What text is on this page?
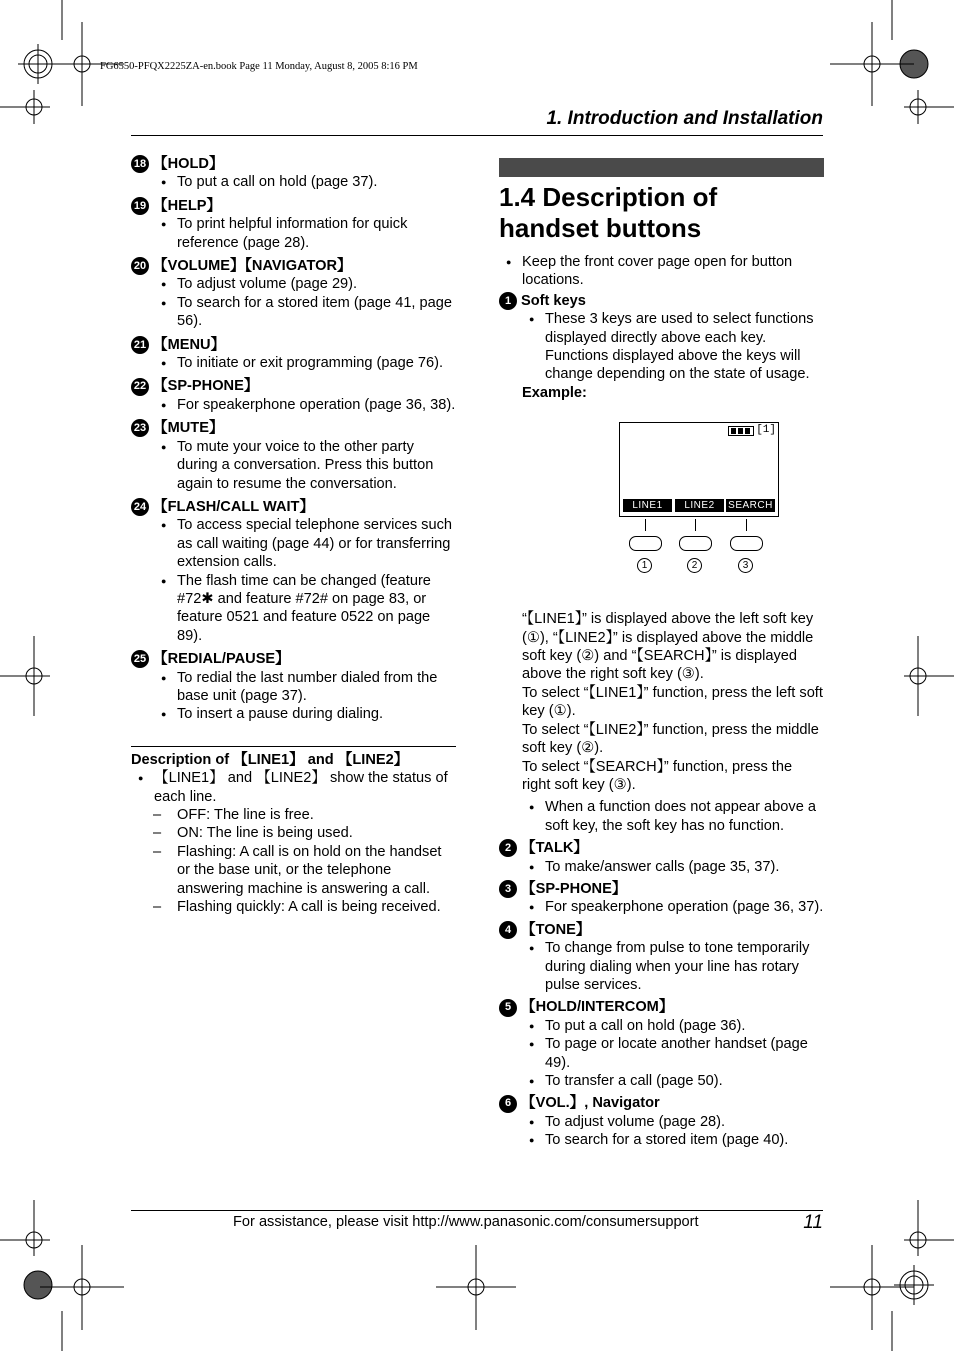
FG6550-PFQX2225ZA-en.book Page 11 Monday, August 8, 2005 8:16 PM
1. Introduction and Installation
18 【HOLD】
● To put a call on hold (page 37).
19 【HELP】
● To print helpful information for quick reference (page 28).
20 【VOLUME】【NAVIGATOR】
● To adjust volume (page 29).
● To search for a stored item (page 41, page 56).
21 【MENU】
● To initiate or exit programming (page 76).
22 【SP-PHONE】
● For speakerphone operation (page 36, 38).
23 【MUTE】
● To mute your voice to the other party during a conversation. Press this button again to resume the conversation.
24 【FLASH/CALL WAIT】
● To access special telephone services such as call waiting (page 44) or for transferring extension calls.
● The flash time can be changed (feature #72✱ and feature #72# on page 83, or feature 0521 and feature 0522 on page 89).
25 【REDIAL/PAUSE】
● To redial the last number dialed from the base unit (page 37).
● To insert a pause during dialing.
Description of 【LINE1】 and 【LINE2】
● 【LINE1】 and 【LINE2】 show the status of each line.
– OFF: The line is free.
– ON: The line is being used.
– Flashing: A call is on hold on the handset or the base unit, or the telephone answering machine is answering a call.
– Flashing quickly: A call is being received.
1.4 Description of handset buttons
● Keep the front cover page open for button locations.
1 Soft keys
● These 3 keys are used to select functions displayed directly above each key. Functions displayed above the keys will change depending on the state of usage.
Example:
“【LINE1】” is displayed above the left soft key (①), “【LINE2】” is displayed above the middle soft key (②) and “【SEARCH】” is displayed above the right soft key (③).
To select “【LINE1】” function, press the left soft key (①).
To select “【LINE2】” function, press the middle soft key (②).
To select “【SEARCH】” function, press the right soft key (③).
● When a function does not appear above a soft key, the soft key has no function.
2 【TALK】
● To make/answer calls (page 35, 37).
3 【SP-PHONE】
● For speakerphone operation (page 36, 37).
4 【TONE】
● To change from pulse to tone temporarily during dialing when your line has rotary pulse services.
5 【HOLD/INTERCOM】
● To put a call on hold (page 36).
● To page or locate another handset (page 49).
● To transfer a call (page 50).
6 【VOL.】, Navigator
● To adjust volume (page 28).
● To search for a stored item (page 40).
[1]
LINE1	LINE2	SEARCH
1	2	3
For assistance, please visit http://www.panasonic.com/consumersupport	11
